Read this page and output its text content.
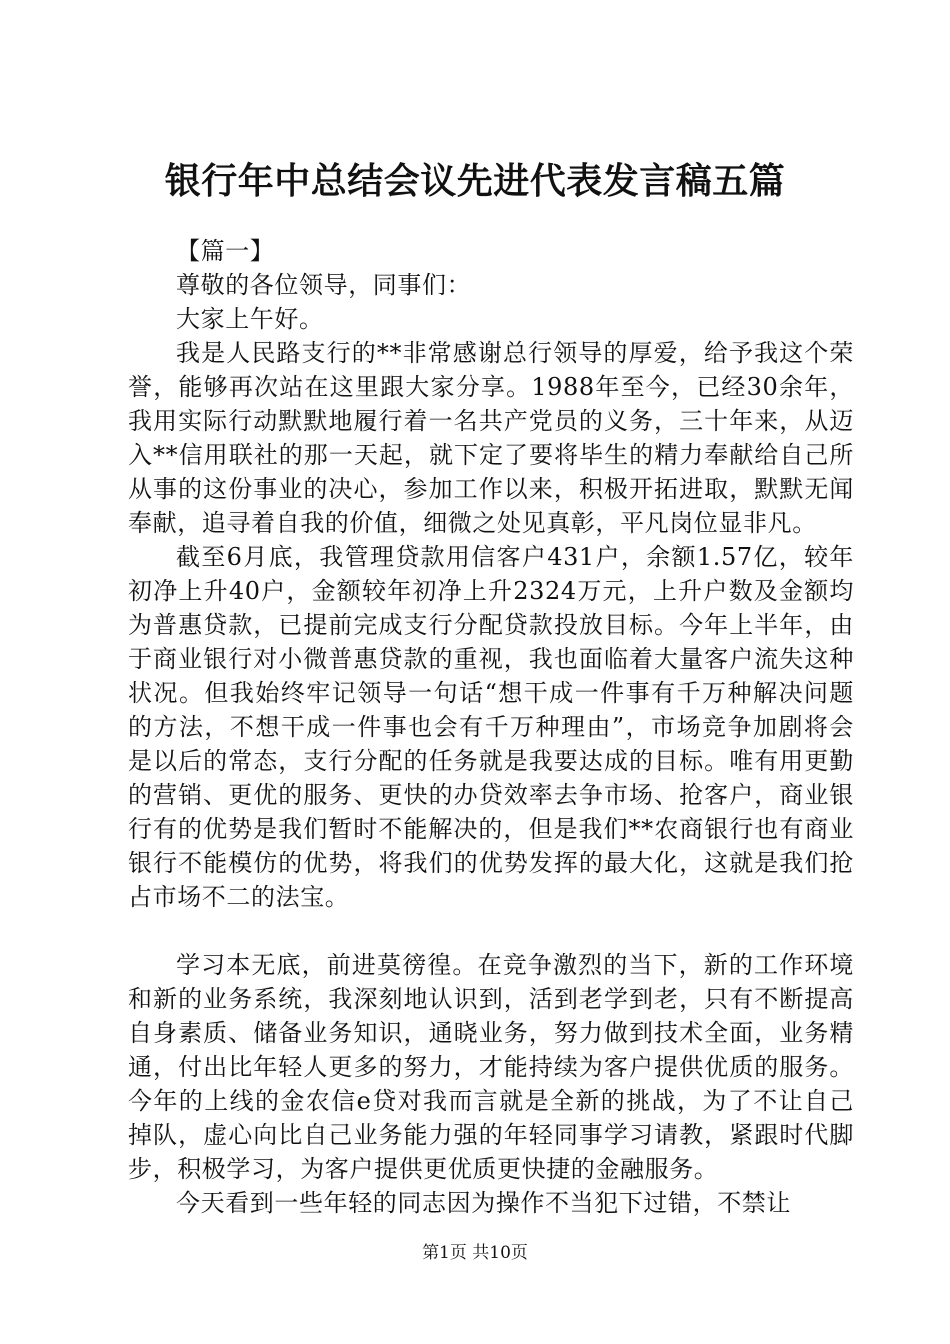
银行年中总结会议先进代表发言稿五篇

【篇一】

尊敬的各位领导，同事们：

大家上午好。

我是人民路支行的**非常感谢总行领导的厚爱，给予我这个荣誉，能够再次站在这里跟大家分享。1988年至今，已经30余年，我用实际行动默默地履行着一名共产党员的义务，三十年来，从迈入**信用联社的那一天起，就下定了要将毕生的精力奉献给自己所从事的这份事业的决心，参加工作以来，积极开拓进取，默默无闻奉献，追寻着自我的价值，细微之处见真彰，平凡岗位显非凡。

截至6月底，我管理贷款用信客户431户，余额1.57亿，较年初净上升40户，金额较年初净上升2324万元，上升户数及金额均为普惠贷款，已提前完成支行分配贷款投放目标。今年上半年，由于商业银行对小微普惠贷款的重视，我也面临着大量客户流失这种状况。但我始终牢记领导一句话“想干成一件事有千万种解决问题的方法，不想干成一件事也会有千万种理由”，市场竞争加剧将会是以后的常态，支行分配的任务就是我要达成的目标。唯有用更勤的营销、更优的服务、更快的办贷效率去争市场、抢客户，商业银行有的优势是我们暂时不能解决的，但是我们**农商银行也有商业银行不能模仿的优势，将我们的优势发挥的最大化，这就是我们抢占市场不二的法宝。

学习本无底，前进莫徬徨。在竞争激烈的当下，新的工作环境和新的业务系统，我深刻地认识到，活到老学到老，只有不断提高自身素质、储备业务知识，通晓业务，努力做到技术全面，业务精通，付出比年轻人更多的努力，才能持续为客户提供优质的服务。今年的上线的金农信e贷对我而言就是全新的挑战，为了不让自己掉队，虚心向比自己业务能力强的年轻同事学习请教，紧跟时代脚步，积极学习，为客户提供更优质更快捷的金融服务。

今天看到一些年轻的同志因为操作不当犯下过错，不禁让

第1页 共10页
